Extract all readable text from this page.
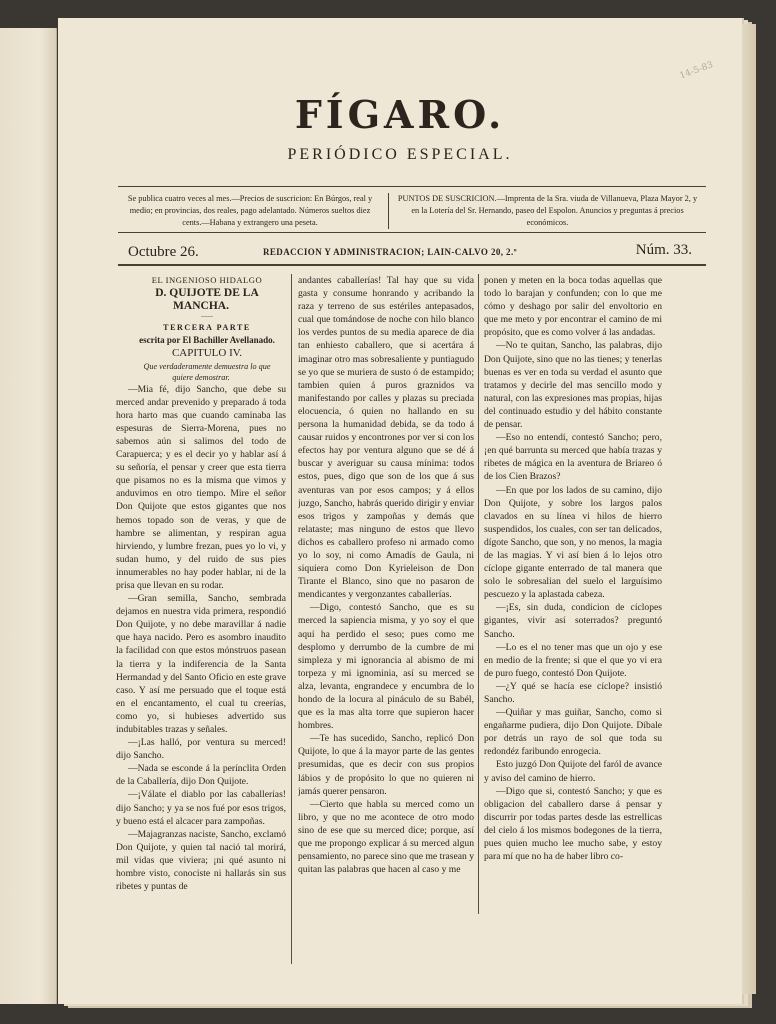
14-5-83
FÍGARO.
PERIÓDICO ESPECIAL.
Se publica cuatro veces al mes.—Precios de suscricion: En Búrgos, real y medio; en provincias, dos reales, pago adelantado. Números sueltos diez cents.—Habana y extrangero una peseta.
PUNTOS DE SUSCRICION.—Imprenta de la Sra. viuda de Villanueva, Plaza Mayor 2, y en la Lotería del Sr. Hernando, paseo del Espolon. Anuncios y preguntas á precios económicos.
Octubre 26.	REDACCION Y ADMINISTRACION; LAIN-CALVO 20, 2.º	Núm. 33.

EL INGENIOSO HIDALGO

D. QUIJOTE DE LA MANCHA.

——

TERCERA PARTE

escrita por El Bachiller Avellanado.

CAPITULO IV.

Que verdaderamente demuestra lo que quiere demostrar.

—Mia fé, dijo Sancho, que debe su merced andar prevenido y preparado á toda hora harto mas que cuando caminaba las espesuras de Sierra-Morena, pues no sabemos aún si salimos del todo de Carapuerca; y es el decir yo y hablar así á su señoría, el pensar y creer que esta tierra que pisamos no es la misma que vimos y anduvimos en otro tiempo. Mire el señor Don Quijote que estos gigantes que nos hemos topado son de veras, y que de hambre se alimentan, y respiran agua hirviendo, y lumbre frezan, pues yo lo vi, y sudan humo, y del ruido de sus pies innumerables no hay poder hablar, ni de la prisa que llevan en su rodar.

—Gran semilla, Sancho, sembrada dejamos en nuestra vida primera, respondió Don Quijote, y no debe maravillar á nadie que haya nacido. Pero es asombro inaudito la facilidad con que estos mónstruos pasean la tierra y la indiferencia de la Santa Hermandad y del Santo Oficio en este grave caso. Y así me persuado que el toque está en el encantamento, el cual tu creerías, como yo, si hubieses advertido sus indubitables trazas y señales.

—¡Las halló, por ventura su merced! dijo Sancho.

—Nada se esconde á la perínclita Orden de la Caballería, dijo Don Quijote.

—¡Válate el diablo por las caballerías! dijo Sancho; y ya se nos fué por esos trigos, y bueno está el alcacer para zampoñas.

—Majagranzas naciste, Sancho, exclamó Don Quijote, y quien tal nació tal morirá, mil vidas que viviera; ¡ni qué asunto ni hombre visto, conociste ni hallarás sin sus ribetes y puntas de

andantes caballerías! Tal hay que su vida gasta y consume honrando y acribando la raza y terreno de sus estériles antepasados, cual que tomándose de noche con hilo blanco los verdes puntos de su media aparece de dia tan enhiesto caballero, que si acertára á imaginar otro mas sobresaliente y puntiagudo se yo que se muriera de susto ó de estampido; tambien quien á puros graznidos va manifestando por calles y plazas su preciada elocuencia, ó quien no hallando en su persona la humanidad debida, se da todo á causar ruidos y encontrones por ver si con los efectos hay por ventura alguno que se dé á buscar y averiguar su causa mínima: todos estos, pues, digo que son de los que á sus aventuras van por esos campos; y á ellos juzgo, Sancho, habrás querido dirigir y enviar esos trigos y zampoñas y demás que relataste; mas ninguno de estos que llevo dichos es caballero profeso ni armado como yo lo soy, ni como Amadís de Gaula, ni siquiera como Don Kyrieleison de Don Tirante el Blanco, sino que no pasaron de mendicantes y vergonzantes caballerías.

—Digo, contestó Sancho, que es su merced la sapiencia misma, y yo soy el que aquí ha perdido el seso; pues como me desplomo y derrumbo de la cumbre de mi simpleza y mi ignorancia al abismo de mi torpeza y mi ignominia, así su merced se alza, levanta, engrandece y encumbra de lo hondo de la locura al pináculo de su Babél, que es la mas alta torre que supieron hacer hombres.

—Te has sucedido, Sancho, replicó Don Quijote, lo que á la mayor parte de las gentes presumidas, que es decir con sus propios lábios y de propósito lo que no quieren ni jamás querer pensaron.

—Cierto que habla su merced como un libro, y que no me acontece de otro modo sino de ese que su merced dice; porque, así que me propongo explicar á su merced algun pensamiento, no parece sino que me trasean y quitan las palabras que hacen al caso y me

ponen y meten en la boca todas aquellas que todo lo barajan y confunden; con lo que me cómo y deshago por salir del envoltorio en que me meto y por encontrar el camino de mi propósito, que es como volver á las andadas.

—No te quitan, Sancho, las palabras, dijo Don Quijote, sino que no las tienes; y tenerlas buenas es ver en toda su verdad el asunto que tratamos y decirle del mas sencillo modo y natural, con las expresiones mas propias, hijas del continuado estudio y del hábito constante de pensar.

—Eso no entendí, contestó Sancho; pero, ¡en qué barrunta su merced que había trazas y ribetes de mágica en la aventura de Briareo ó de los Cien Brazos?

—En que por los lados de su camino, dijo Don Quijote, y sobre los largos palos clavados en su línea vi hilos de hierro suspendidos, los cuales, con ser tan delicados, dígote Sancho, que son, y no menos, la magia de las magias. Y vi así bien á lo lejos otro cíclope gigante enterrado de tal manera que solo le sobresalian del suelo el larguísimo pescuezo y la aplastada cabeza.

—¡Es, sin duda, condicion de cíclopes gigantes, vivir así soterrados? preguntó Sancho.

—Lo es el no tener mas que un ojo y ese en medio de la frente; si que el que yo vi era de puro fuego, contestó Don Quijote.

—¿Y qué se hacía ese cíclope? insistió Sancho.

—Quiñar y mas guiñar, Sancho, como si engañarme pudiera, dijo Don Quijote. Díbale por detrás un rayo de sol que toda su redondéz faribundo enrogecia.

Esto juzgó Don Quijote del faról de avance y aviso del camino de hierro.

—Digo que si, contestó Sancho; y que es obligacion del caballero darse á pensar y discurrir por todas partes desde las estrellicas del cielo á los mismos bodegones de la tierra, pues quien mucho lee mucho sabe, y estoy para mí que no ha de haber libro co-
